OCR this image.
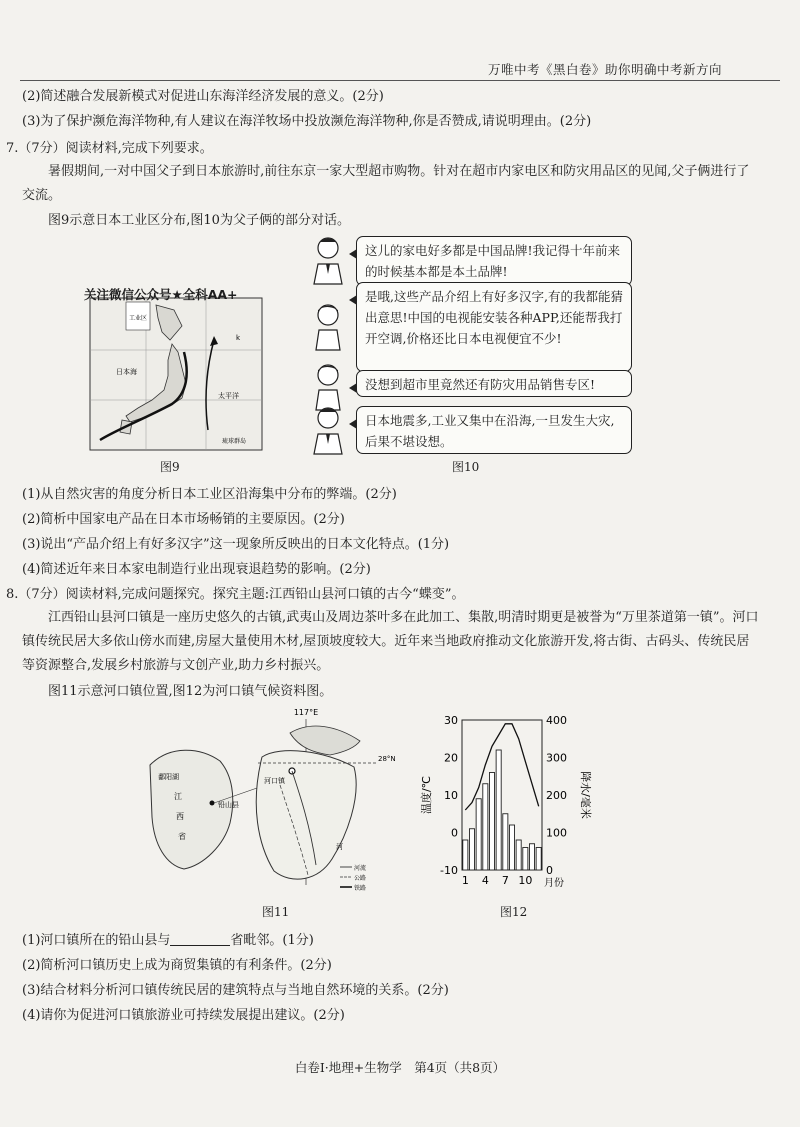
万唯中考《黑白卷》助你明确中考新方向
(2)简述融合发展新模式对促进山东海洋经济发展的意义。(2分)
(3)为了保护濒危海洋物种,有人建议在海洋牧场中投放濒危海洋物种,你是否赞成,请说明理由。(2分)
7.（7分）阅读材料,完成下列要求。
暑假期间,一对中国父子到日本旅游时,前往东京一家大型超市购物。针对在超市内家电区和防灾用品区的见闻,父子俩进行了交流。
图9示意日本工业区分布,图10为父子俩的部分对话。
工业区
日本海
太平洋
k
琉球群岛
关注微信公众号★全科AA+
图9
这儿的家电好多都是中国品牌!我记得十年前来的时候基本都是本土品牌!
是哦,这些产品介绍上有好多汉字,有的我都能猜出意思!中国的电视能安装各种APP,还能帮我打开空调,价格还比日本电视便宜不少!
没想到超市里竟然还有防灾用品销售专区!
日本地震多,工业又集中在沿海,一旦发生大灾,后果不堪设想。
图10
(1)从自然灾害的角度分析日本工业区沿海集中分布的弊端。(2分)
(2)简析中国家电产品在日本市场畅销的主要原因。(2分)
(3)说出“产品介绍上有好多汉字”这一现象所反映出的日本文化特点。(1分)
(4)简述近年来日本家电制造行业出现衰退趋势的影响。(2分)
8.（7分）阅读材料,完成问题探究。探究主题:江西铅山县河口镇的古今“蝶变”。
江西铅山县河口镇是一座历史悠久的古镇,武夷山及周边茶叶多在此加工、集散,明清时期更是被誉为“万里茶道第一镇”。河口镇传统民居大多依山傍水而建,房屋大量使用木材,屋顶坡度较大。近年来当地政府推动文化旅游开发,将古街、古码头、传统民居等资源整合,发展乡村旅游与文创产业,助力乡村振兴。
图11示意河口镇位置,图12为河口镇气候资料图。
117°E
鄱阳湖
江
西
省
铅山县
28°N
河口镇
河
河流
公路
铁路
图11
30	400
20	300
10	200
0	100
-10	0
1 4 7 10 月份
温度/℃	降水/毫米
图12
(1)河口镇所在的铅山县与	省毗邻。(1分)
(2)简析河口镇历史上成为商贸集镇的有利条件。(2分)
(3)结合材料分析河口镇传统民居的建筑特点与当地自然环境的关系。(2分)
(4)请你为促进河口镇旅游业可持续发展提出建议。(2分)
白卷Ⅰ·地理+生物学　第4页（共8页）
